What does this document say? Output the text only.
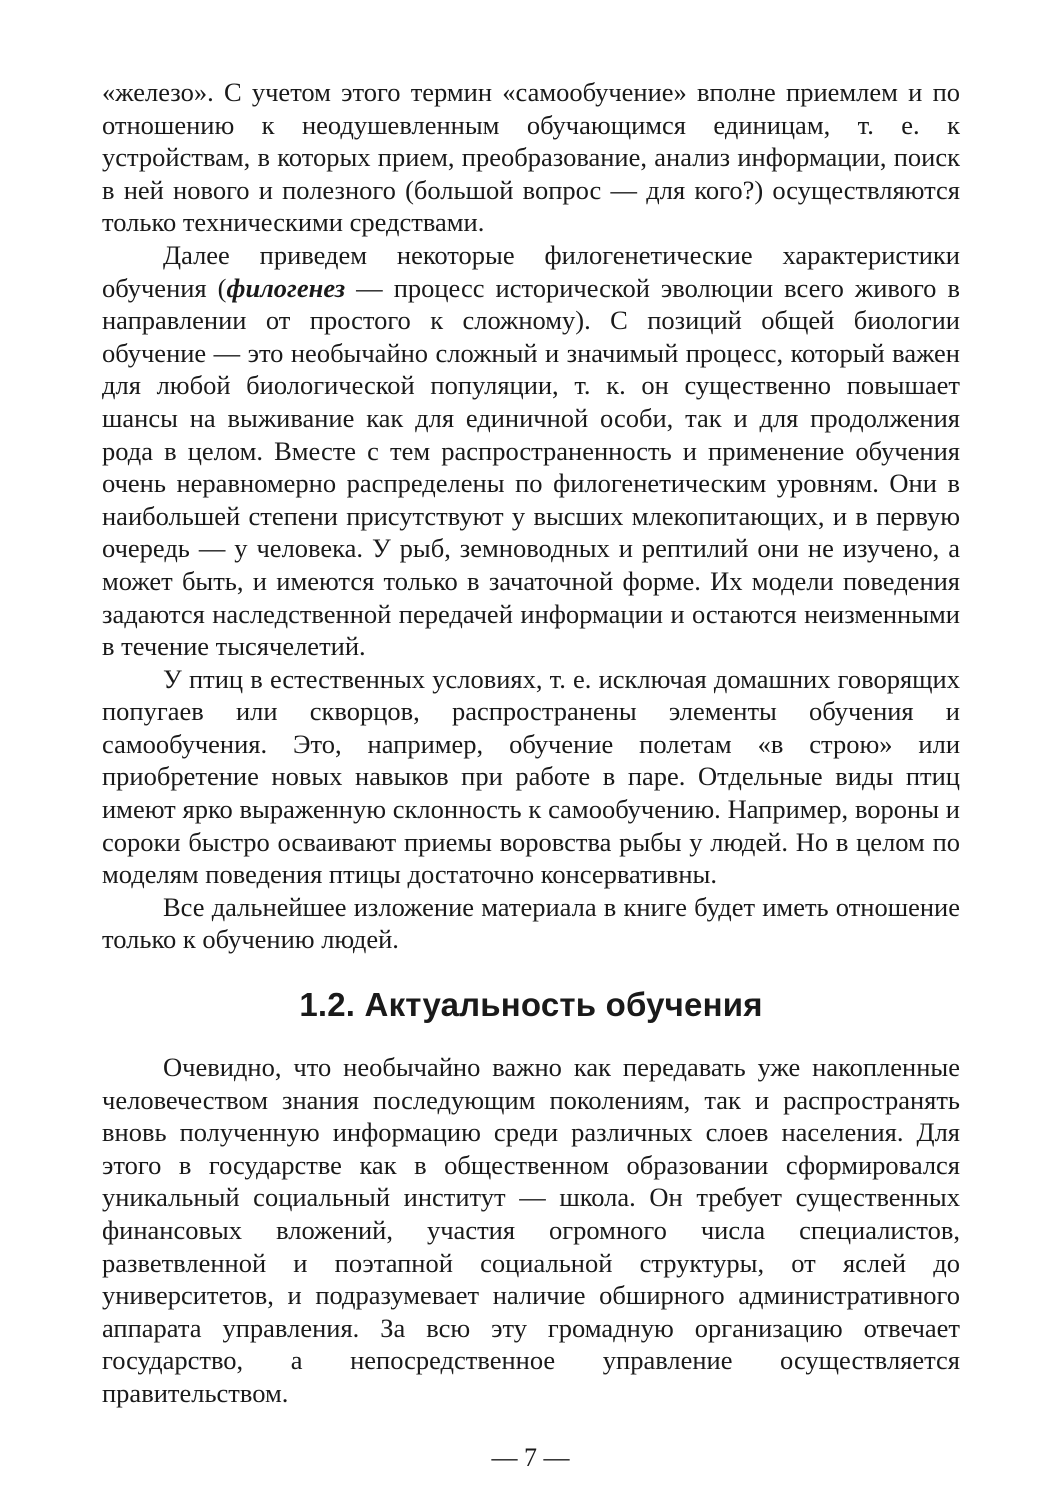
«железо». С учетом этого термин «самообучение» вполне приемлем и по отношению к неодушевленным обучающимся единицам, т. е. к устройствам, в которых прием, преобразование, анализ информации, поиск в ней нового и полезного (большой вопрос — для кого?) осуществляются только техническими средствами.

Далее приведем некоторые филогенетические характеристики обучения (филогенез — процесс исторической эволюции всего живого в направлении от простого к сложному). С позиций общей биологии обучение — это необычайно сложный и значимый процесс, который важен для любой биологической популяции, т. к. он существенно повышает шансы на выживание как для единичной особи, так и для продолжения рода в целом. Вместе с тем распространенность и применение обучения очень неравномерно распределены по филогенетическим уровням. Они в наибольшей степени присутствуют у высших млекопитающих, и в первую очередь — у человека. У рыб, земноводных и рептилий они не изучено, а может быть, и имеются только в зачаточной форме. Их модели поведения задаются наследственной передачей информации и остаются неизменными в течение тысячелетий.

У птиц в естественных условиях, т. е. исключая домашних говорящих попугаев или скворцов, распространены элементы обучения и самообучения. Это, например, обучение полетам «в строю» или приобретение новых навыков при работе в паре. Отдельные виды птиц имеют ярко выраженную склонность к самообучению. Например, вороны и сороки быстро осваивают приемы воровства рыбы у людей. Но в целом по моделям поведения птицы достаточно консервативны.

Все дальнейшее изложение материала в книге будет иметь отношение только к обучению людей.

1.2. Актуальность обучения

Очевидно, что необычайно важно как передавать уже накопленные человечеством знания последующим поколениям, так и распространять вновь полученную информацию среди различных слоев населения. Для этого в государстве как в общественном образовании сформировался уникальный социальный институт — школа. Он требует существенных финансовых вложений, участия огромного числа специалистов, разветвленной и поэтапной социальной структуры, от яслей до университетов, и подразумевает наличие обширного административного аппарата управления. За всю эту громадную организацию отвечает государство, а непосредственное управление осуществляется правительством.

— 7 —
